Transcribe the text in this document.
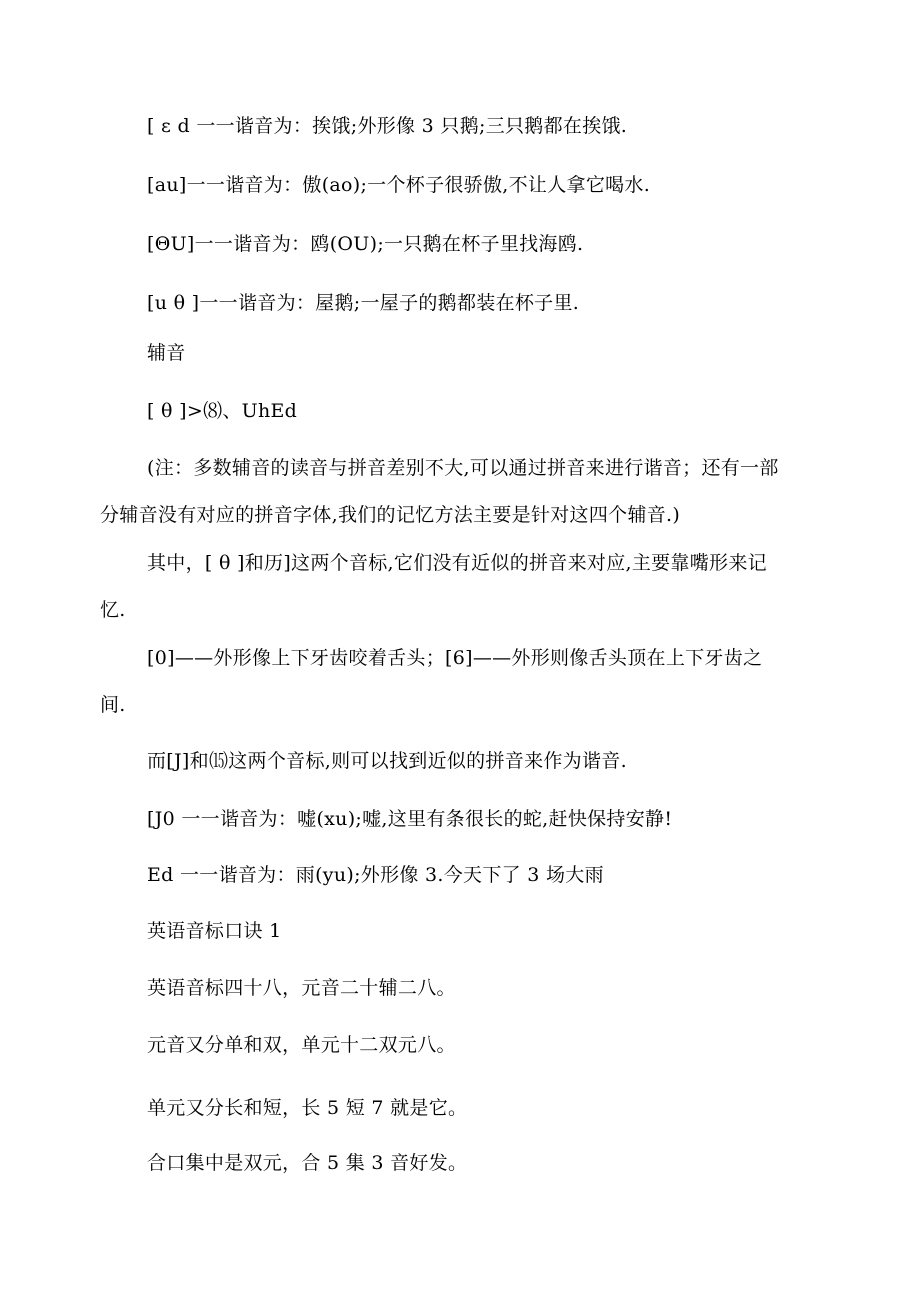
[ ɛ d 一一谐音为：挨饿;外形像 3 只鹅;三只鹅都在挨饿.
[au]一一谐音为：傲(ao);一个杯子很骄傲,不让人拿它喝水.
[ΘU]一一谐音为：鸥(OU);一只鹅在杯子里找海鸥.
[u θ ]一一谐音为：屋鹅;一屋子的鹅都装在杯子里.
辅音
[ θ ]>⑻、UhEd
(注：多数辅音的读音与拼音差别不大,可以通过拼音来进行谐音；还有一部
分辅音没有对应的拼音字体,我们的记忆方法主要是针对这四个辅音.)
其中，[ θ ]和历]这两个音标,它们没有近似的拼音来对应,主要靠嘴形来记
忆.
[0]——外形像上下牙齿咬着舌头；[6]——外形则像舌头顶在上下牙齿之
间.
而[J]和⒂这两个音标,则可以找到近似的拼音来作为谐音.
[J0 一一谐音为：嘘(xu);嘘,这里有条很长的蛇,赶快保持安静!
Ed 一一谐音为：雨(yu);外形像 3.今天下了 3 场大雨
英语音标口诀 1
英语音标四十八，元音二十辅二八。
元音又分单和双，单元十二双元八。
单元又分长和短，长 5 短 7 就是它。
合口集中是双元，合 5 集 3 音好发。
